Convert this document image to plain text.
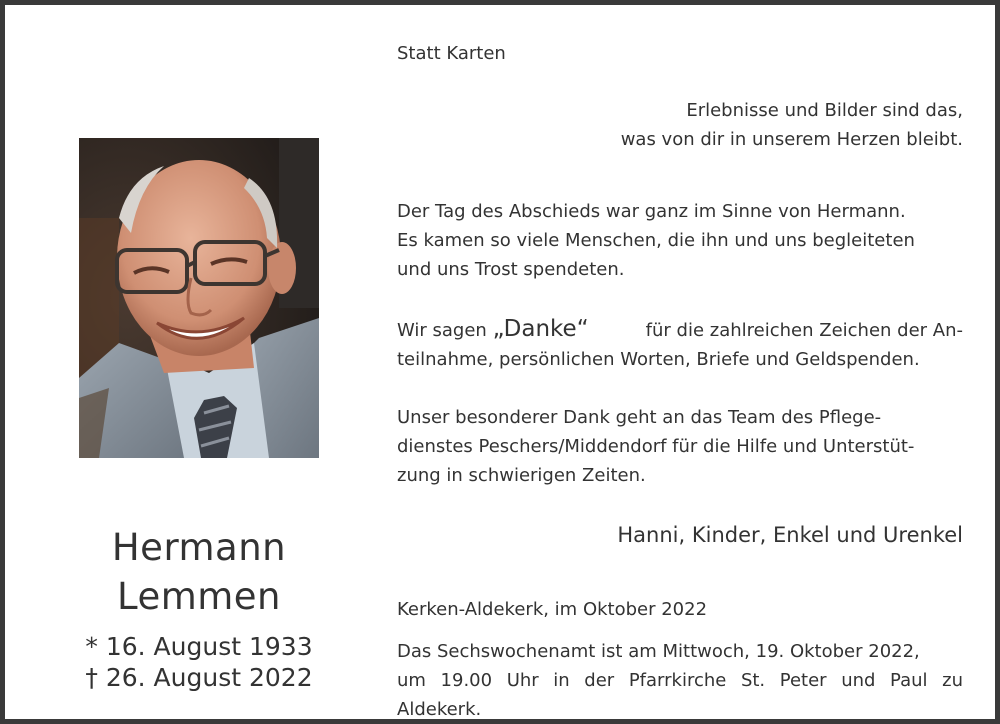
Hermann
Lemmen
* 16. August 1933
† 26. August 2022
Statt Karten
Erlebnisse und Bilder sind das,
was von dir in unserem Herzen bleibt.
Der Tag des Abschieds war ganz im Sinne von Hermann.
Es kamen so viele Menschen, die ihn und uns begleiteten
und uns Trost spendeten.
Wir sagen „Danke“	für die zahlreichen Zeichen der An-
teilnahme, persönlichen Worten, Briefe und Geldspenden.
Unser besonderer Dank geht an das Team des Pflege-
dienstes Peschers/Middendorf für die Hilfe und Unterstüt-
zung in schwierigen Zeiten.
Hanni, Kinder, Enkel und Urenkel
Kerken-Aldekerk, im Oktober 2022
Das Sechswochenamt ist am Mittwoch, 19. Oktober 2022,
um 19.00 Uhr in der Pfarrkirche St. Peter und Paul zu Aldekerk.
